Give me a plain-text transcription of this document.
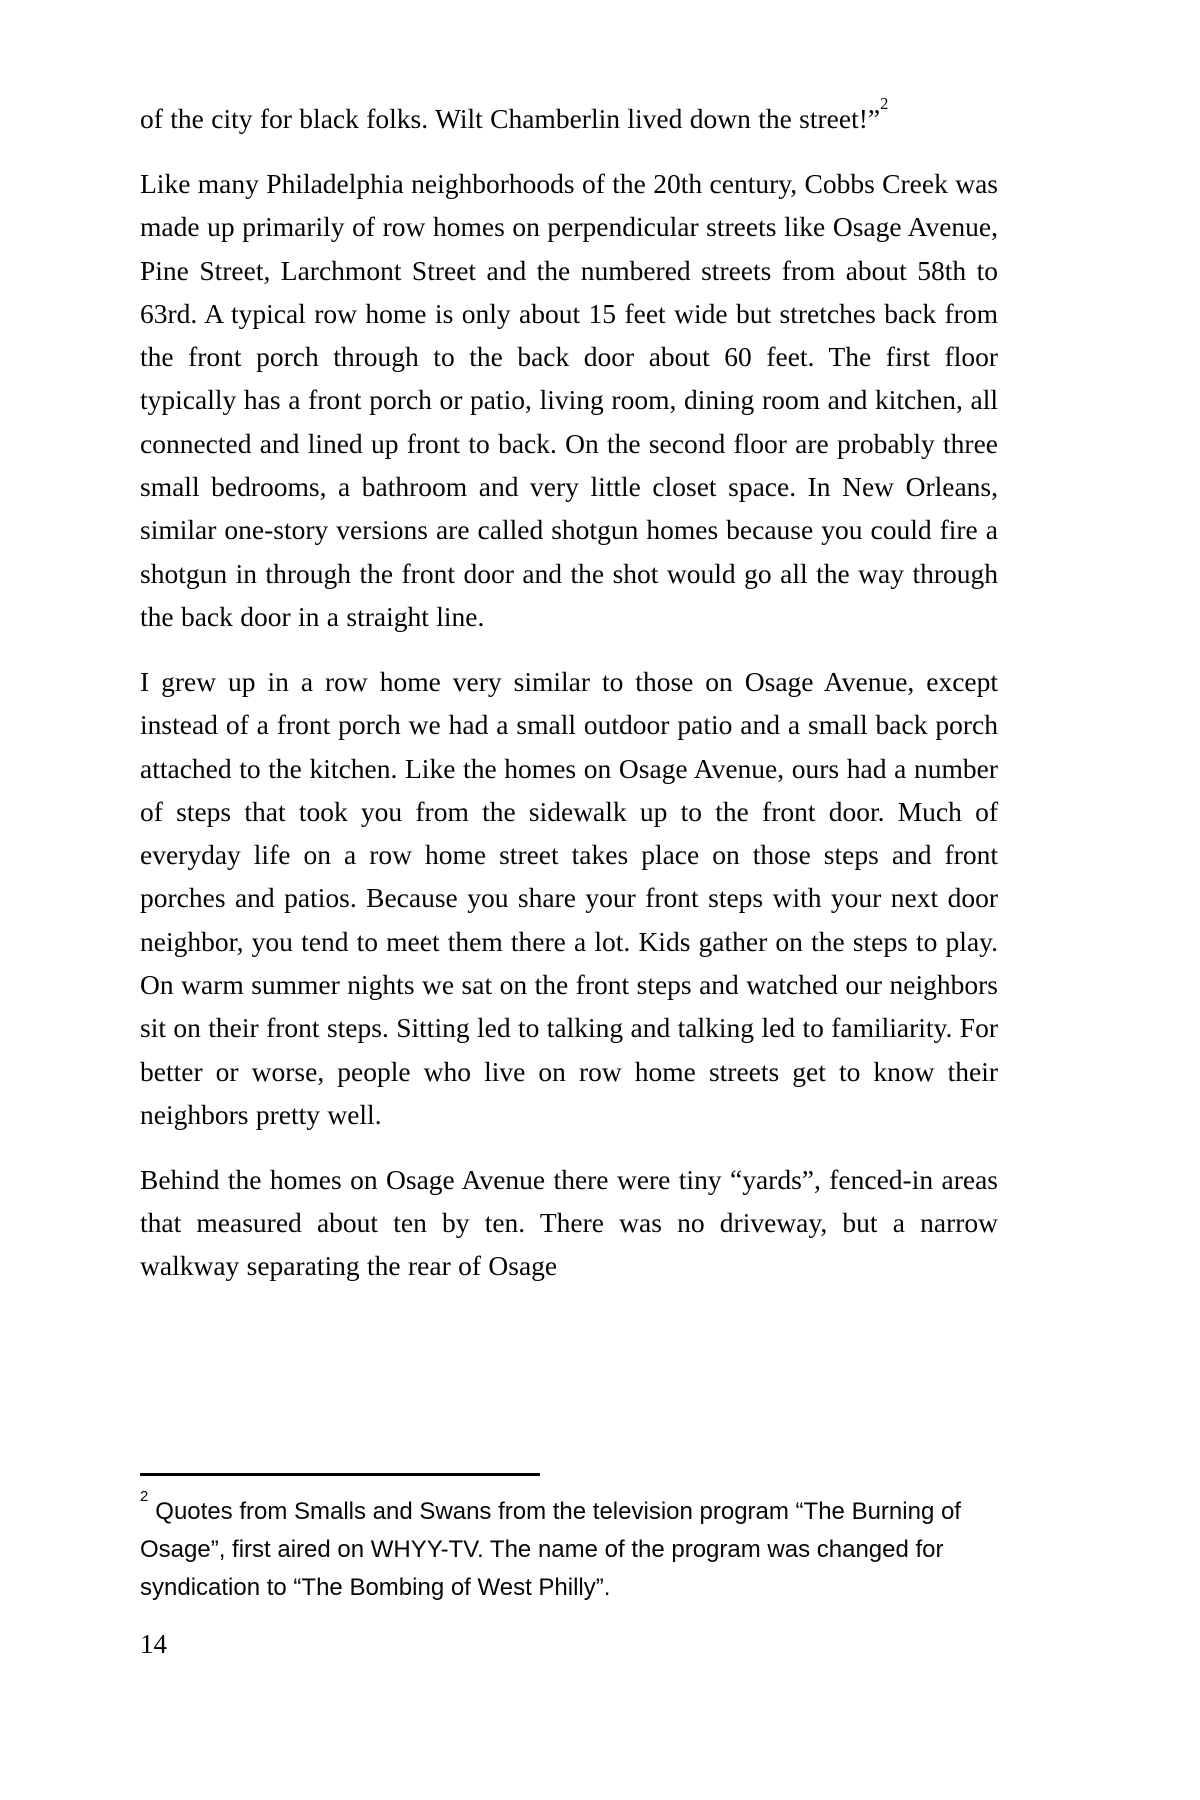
of the city for black folks. Wilt Chamberlin lived down the street!”$^2$

Like many Philadelphia neighborhoods of the 20th century, Cobbs Creek was made up primarily of row homes on perpendicular streets like Osage Avenue, Pine Street, Larchmont Street and the numbered streets from about 58th to 63rd. A typical row home is only about 15 feet wide but stretches back from the front porch through to the back door about 60 feet. The first floor typically has a front porch or patio, living room, dining room and kitchen, all connected and lined up front to back. On the second floor are probably three small bedrooms, a bathroom and very little closet space. In New Orleans, similar one-story versions are called shotgun homes because you could fire a shotgun in through the front door and the shot would go all the way through the back door in a straight line.

I grew up in a row home very similar to those on Osage Avenue, except instead of a front porch we had a small outdoor patio and a small back porch attached to the kitchen. Like the homes on Osage Avenue, ours had a number of steps that took you from the sidewalk up to the front door. Much of everyday life on a row home street takes place on those steps and front porches and patios. Because you share your front steps with your next door neighbor, you tend to meet them there a lot. Kids gather on the steps to play. On warm summer nights we sat on the front steps and watched our neighbors sit on their front steps. Sitting led to talking and talking led to familiarity. For better or worse, people who live on row home streets get to know their neighbors pretty well.

Behind the homes on Osage Avenue there were tiny “yards”, fenced-in areas that measured about ten by ten. There was no driveway, but a narrow walkway separating the rear of Osage

$^2$Quotes from Smalls and Swans from the television program “The Burning of Osage”, first aired on WHYY-TV. The name of the program was changed for syndication to “The Bombing of West Philly”.

14
